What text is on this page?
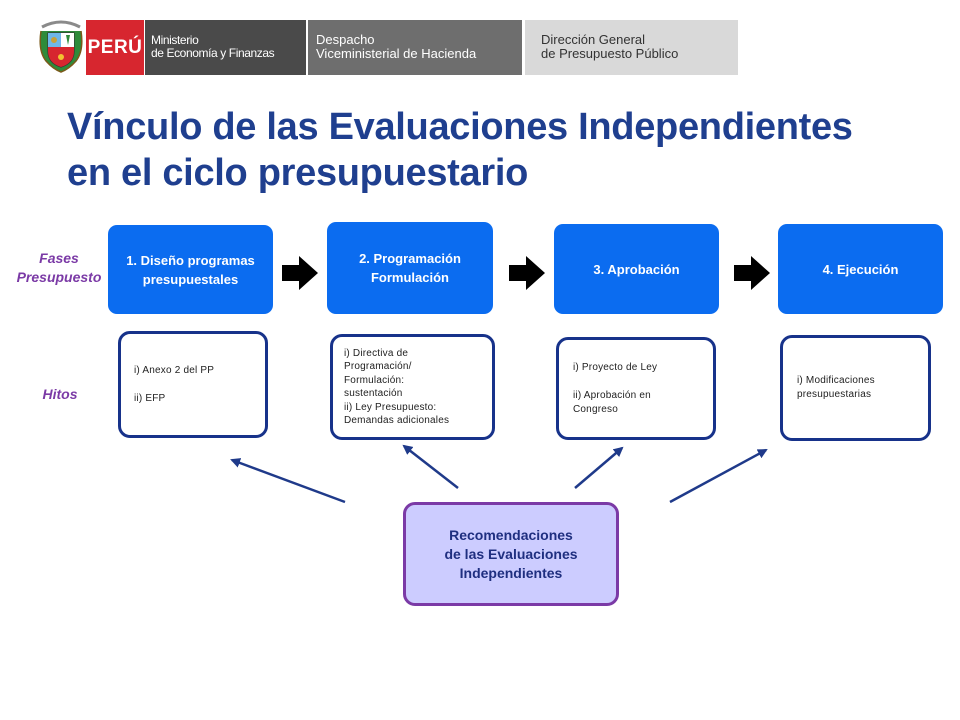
PERÚ Ministerio
de Economía y Finanzas
Despacho
Viceministerial de Hacienda
Dirección General
de Presupuesto Público
Vínculo de las Evaluaciones Independientes
en el ciclo presupuestario
Fases
Presupuesto
Hitos
1. Diseño programas
presupuestales
2. Programación
Formulación
3. Aprobación	4. Ejecución
i) Anexo 2 del PP
ii) EFP
i) Directiva de
Programación/
Formulación:
sustentación
ii) Ley Presupuesto:
Demandas adicionales
i) Proyecto de Ley
ii) Aprobación en
Congreso
i) Modificaciones
presupuestarias
Recomendaciones
de las Evaluaciones
Independientes
